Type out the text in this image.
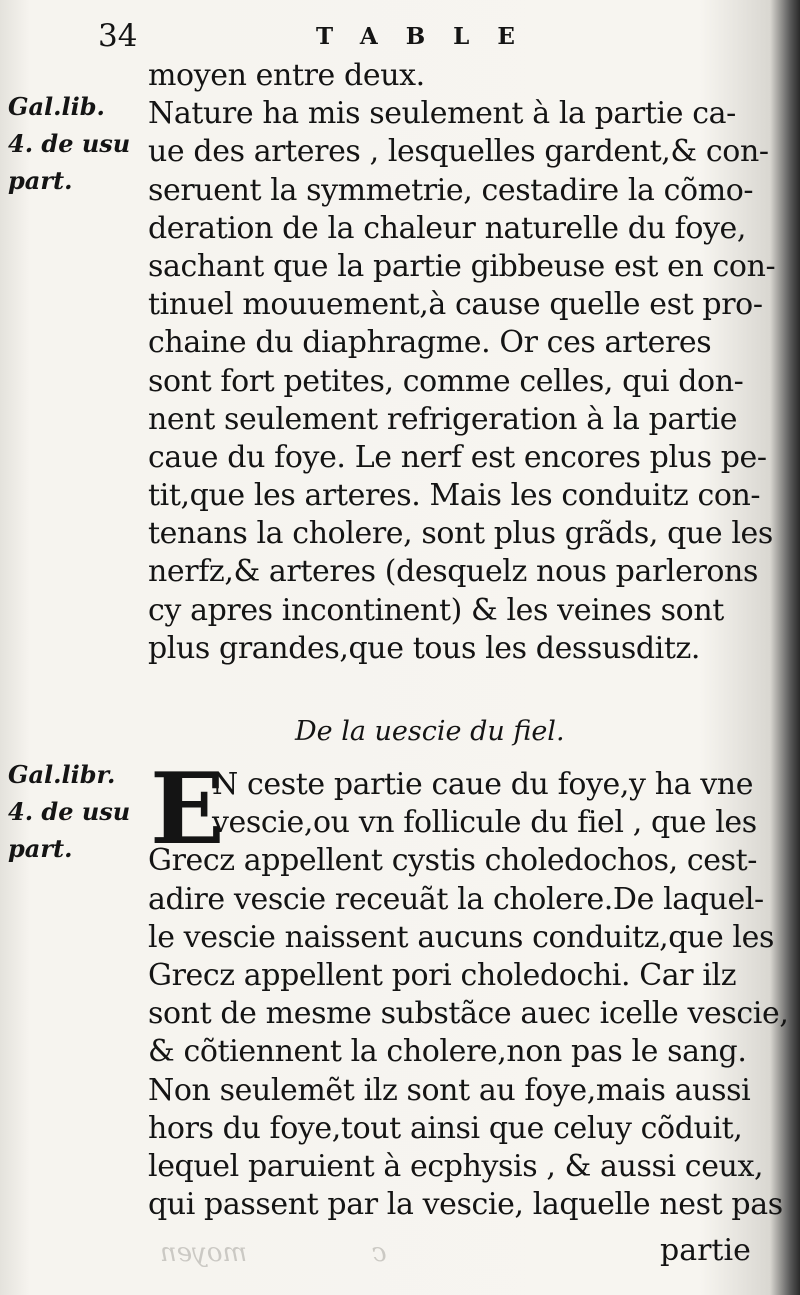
34	TABLE
Gal.lib.
4. de usu
part.
moyen entre deux.
Nature ha mis seulement à la partie ca-
ue des arteres , lesquelles gardent,& con-
seruent la symmetrie, cestadire la cõmo-
deration de la chaleur naturelle du foye,
sachant que la partie gibbeuse est en con-
tinuel mouuement,à cause quelle est pro-
chaine du diaphragme. Or ces arteres
sont fort petites, comme celles, qui don-
nent seulement refrigeration à la partie
caue du foye. Le nerf est encores plus pe-
tit,que les arteres. Mais les conduitz con-
tenans la cholere, sont plus grãds, que les
nerfz,& arteres (desquelz nous parlerons
cy apres incontinent) & les veines sont
plus grandes,que tous les dessusditz.
De la uescie du fiel.
Gal.libr.
4. de usu
part. E
N ceste partie caue du foye,y ha vne
vescie,ou vn follicule du fiel , que les
Grecz appellent cystis choledochos, cest-
adire vescie receuãt la cholere.De laquel-
le vescie naissent aucuns conduitz,que les
Grecz appellent pori choledochi. Car ilz
sont de mesme substãce auec icelle vescie,
& cõtiennent la cholere,non pas le sang.
Non seulemẽt ilz sont au foye,mais aussi
hors du foye,tout ainsi que celuy cõduit,
lequel paruient à ecphysis , & aussi ceux,
qui passent par la vescie, laquelle nest pas
moyen	c	partie
